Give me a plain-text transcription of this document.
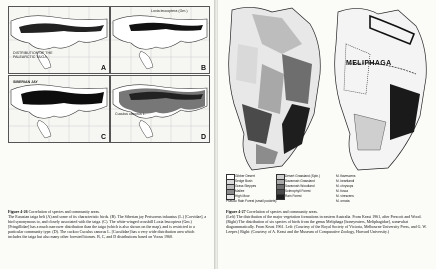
DISTRIBUTION OF THE
PALEARCTIC TAIGA
A
Loxia leucoptera (Gm.)
B
SIBERIAN JAY
C
Cuculus canorus L.
D
Figure 4-26 Correlation of species and community areas.
The Eurasian taiga belt (A) and some of its characteristic birds. (B). The Siberian jay Perisoreus infaustus (L.) [Corvidae], a bird synonymous to, and closely associated with the taiga. (C). The white-winged crossbill Loxia leucoptera (Gm.) [Fringillidae] has a much narrower distribution than the taiga (which is also shown on the map), and is restricted to a particular community type. (D). The cuckoo Cuculus canorus L. [Cuculidae] has a very wide distribution area which includes the taiga but also many other forested biomes. B, C, and D distributions based on Voous 1960.
MELIPHAGA
Gibber Desert
Sedge Bush
Grass Steppes
Mallee
High Moor
Desert Grassland (Spin.)
Savannah Grassland
Savannah Woodland
Sclerophyll Forest
Rain Forest
Pseudo Rain Forest (small pockets)
M. flavescens
M. keartlandi
M. chrysops
M. fusca
M. virescens
M. ornata
Figure 4-27 Correlation of species and community areas.
(Left) The distribution of the major vegetation formations in eastern Australia. From Keast 1961, after Prescott and Wood. (Right) The distribution of six species of birds from the genus Meliphaga [honeyeaters, Meliphagidae], somewhat diagrammatically. From Keast 1961. Left: (Courtesy of the Royal Society of Victoria, Melbourne University Press, and G. W. Leeper.) Right: (Courtesy of A. Keast and the Museum of Comparative Zoology, Harvard University.)
